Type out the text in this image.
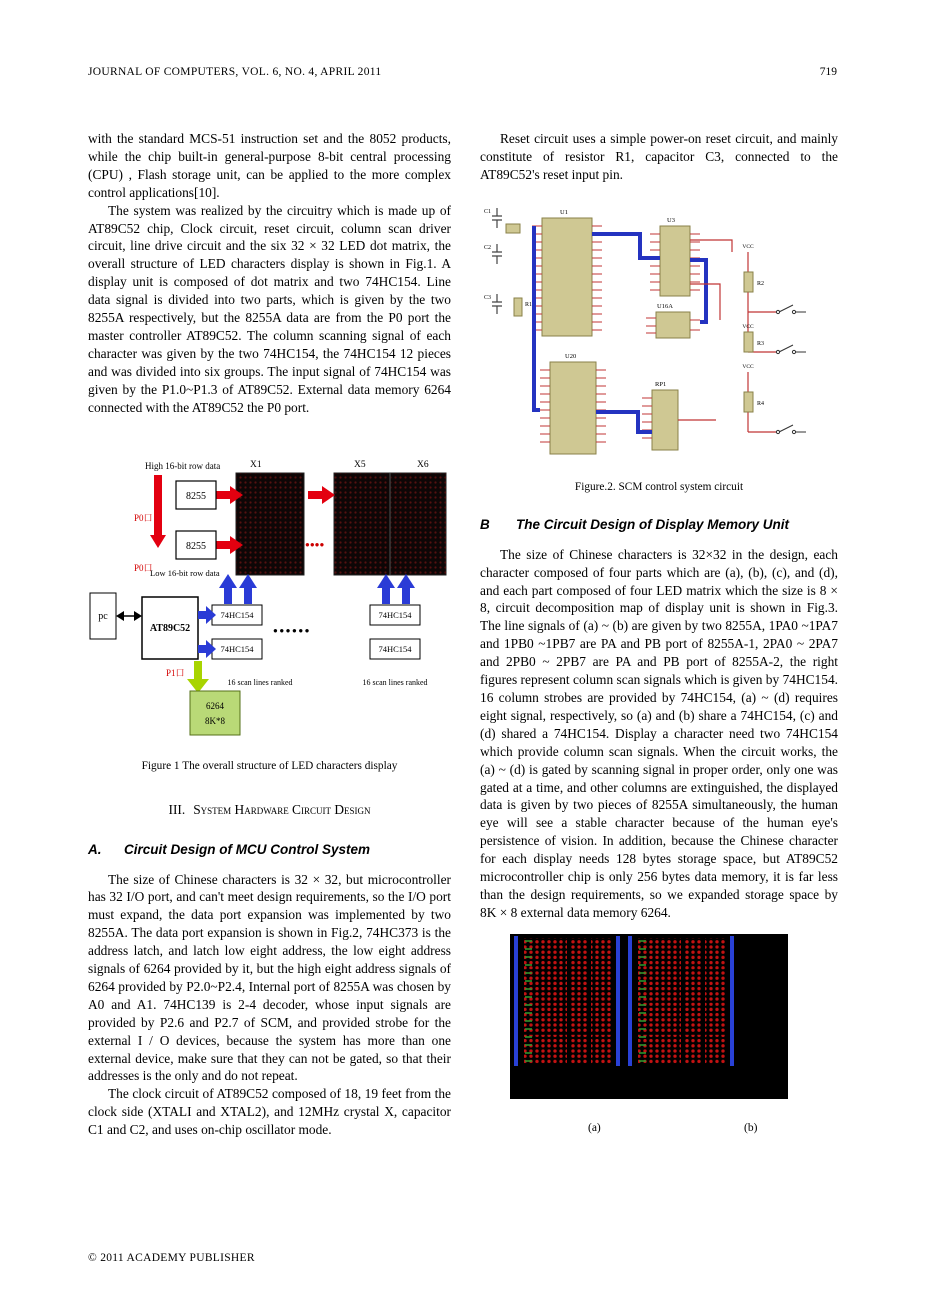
JOURNAL OF COMPUTERS, VOL. 6, NO. 4, APRIL 2011	719

with the standard MCS-51 instruction set and the 8052 products, while the chip built-in general-purpose 8-bit central processing (CPU) , Flash storage unit, can be applied to the more complex control applications[10].

The system was realized by the circuitry which is made up of AT89C52 chip, Clock circuit, reset circuit, column scan driver circuit, line drive circuit and the six 32 × 32 LED dot matrix, the overall structure of LED characters display is shown in Fig.1. A display unit is composed of dot matrix and two 74HC154. Line data signal is divided into two parts, which is given by the two 8255A respectively, but the 8255A data are from the P0 port the master controller AT89C52. The column scanning signal of each character was given by the two 74HC154, the 74HC154 12 pieces and was divided into six groups. The input signal of 74HC154 was given by the P1.0~P1.3 of AT89C52. External data memory 6264 connected with the AT89C52 the P0 port.

High 16-bit row data	X1	X5	X6
●●●●
8255
8255
P0口
P0口
Low 16-bit row data
pc
AT89C52
74HC154
74HC154
74HC154
74HC154
●●●●●●
P1口
6264
8K*8
16 scan lines ranked	16 scan lines ranked
Figure 1 The overall structure of LED characters display
III. System Hardware Circuit Design
A.	Circuit Design of MCU Control System

The size of Chinese characters is 32 × 32, but microcontroller has 32 I/O port, and can't meet design requirements, so the I/O port must expand, the data port expansion was implemented by two 8255A. The data port expansion is shown in Fig.2, 74HC373 is the address latch, and latch low eight address, the low eight address signals of 6264 provided by it, but the high eight address signals of 6264 provided by P2.0~P2.4, Internal port of 8255A was chosen by A0 and A1. 74HC139 is 2-4 decoder, whose input signals are provided by P2.6 and P2.7 of SCM, and provided strobe for the external I / O devices, because the system has more than one external device, make sure that they can not be gated, so that their addresses is the only and do not repeat.

The clock circuit of AT89C52 composed of 18, 19 feet from the clock side (XTALI and XTAL2), and 12MHz crystal X, capacitor C1 and C2, and uses on-chip oscillator mode.

Reset circuit uses a simple power-on reset circuit, and mainly constitute of resistor R1, capacitor C3, connected to the AT89C52's reset input pin.

C1
C2
C3
R1
U1
U3
U16A
U20
RP1
VCC
R2
VCC
R3
VCC
R4
Figure.2. SCM control system circuit
B	The Circuit Design of Display Memory Unit

The size of Chinese characters is 32×32 in the design, each character composed of four parts which are (a), (b), (c), and (d), and each part composed of four LED matrix which the size is 8 × 8, circuit decomposition map of display unit is shown in Fig.3. The line signals of (a) ~ (b) are given by two 8255A, 1PA0 ~1PA7 and 1PB0 ~1PB7 are PA and PB port of 8255A-1, 2PA0 ~ 2PA7 and 2PB0 ~ 2PB7 are PA and PB port of 8255A-2, the right figures represent column scan signals which is given by 74HC154. 16 column strobes are provided by 74HC154, (a) ~ (d) requires eight signal, respectively, so (a) and (b) share a 74HC154, (c) and (d) shared a 74HC154. Display a character need two 74HC154 which provide column scan signals. When the circuit works, the (a) ~ (d) is gated by scanning signal in proper order, only one was gated at a time, and other columns are extinguished, the displayed data is given by two pieces of 8255A simultaneously, the human eye will see a stable character because of the human eye's persistence of vision. In addition, because the Chinese character for each display needs 128 bytes storage space, but AT89C52 microcontroller chip is only 256 bytes data memory, it is far less than the design requirements, so we expanded storage space by 8K × 8 external data memory 6264.

(a)	(b)
© 2011 ACADEMY PUBLISHER
